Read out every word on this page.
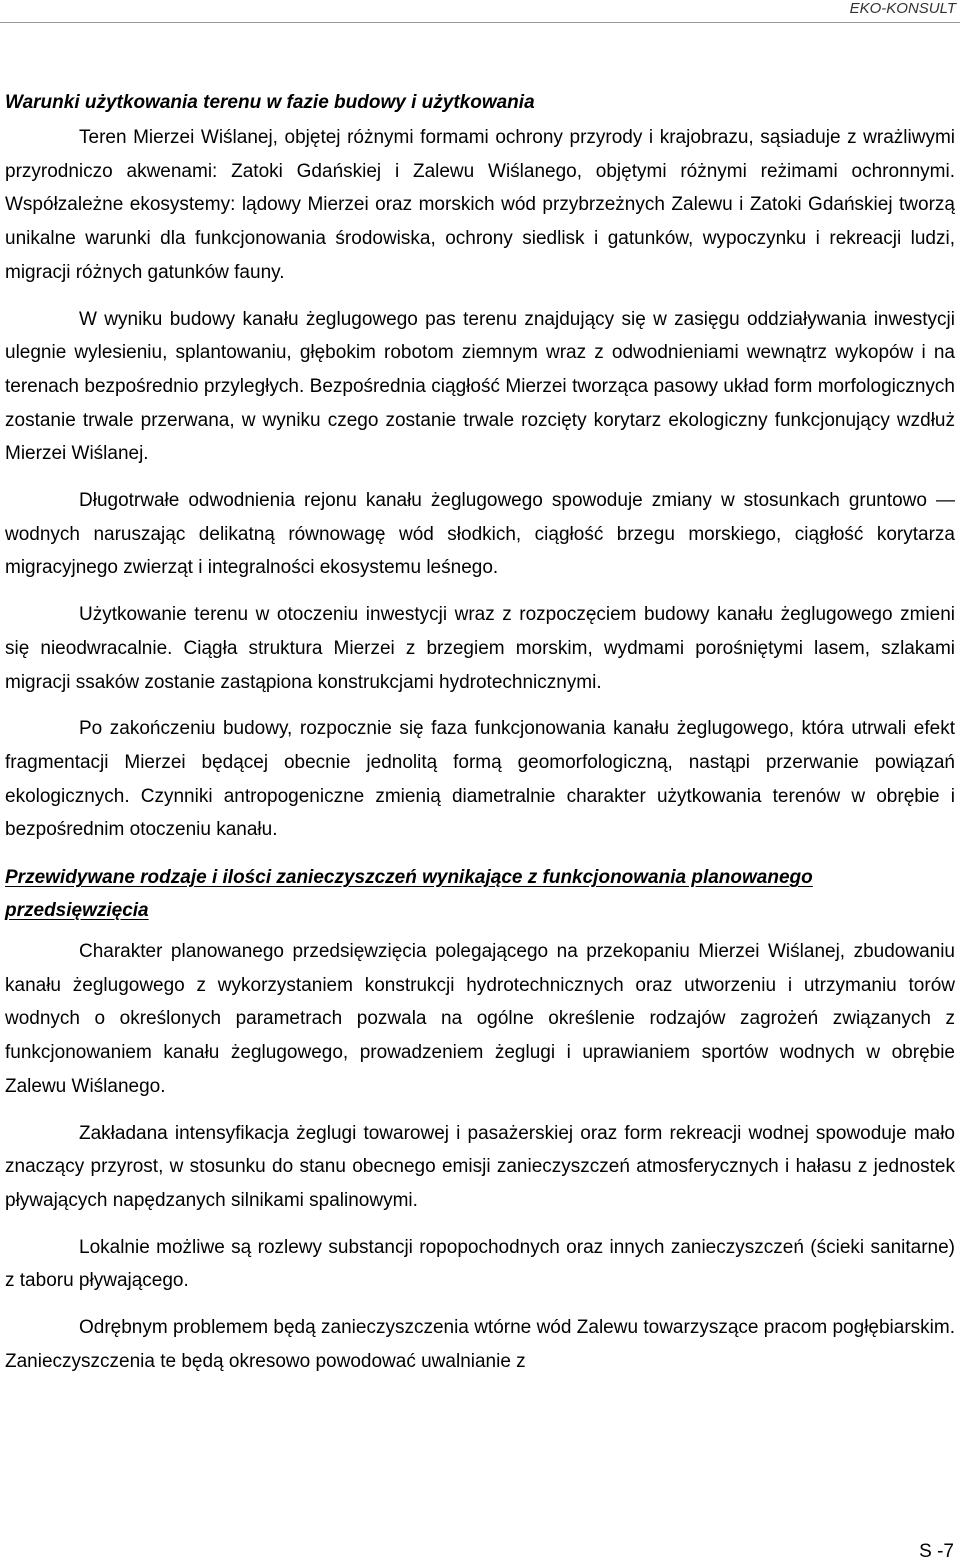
EKO-KONSULT
Warunki użytkowania terenu w fazie budowy i użytkowania

Teren Mierzei Wiślanej, objętej różnymi formami ochrony przyrody i krajobrazu, sąsiaduje z wrażliwymi przyrodniczo akwenami: Zatoki Gdańskiej i Zalewu Wiślanego, objętymi różnymi reżimami ochronnymi. Współzależne ekosystemy: lądowy Mierzei oraz morskich wód przybrzeżnych Zalewu i Zatoki Gdańskiej tworzą unikalne warunki dla funkcjonowania środowiska, ochrony siedlisk i gatunków, wypoczynku i rekreacji ludzi, migracji różnych gatunków fauny.

W wyniku budowy kanału żeglugowego pas terenu znajdujący się w zasięgu oddziaływania inwestycji ulegnie wylesieniu, splantowaniu, głębokim robotom ziemnym wraz z odwodnieniami wewnątrz wykopów i na terenach bezpośrednio przyległych. Bezpośrednia ciągłość Mierzei tworząca pasowy układ form morfologicznych zostanie trwale przerwana, w wyniku czego zostanie trwale rozcięty korytarz ekologiczny funkcjonujący wzdłuż Mierzei Wiślanej.

Długotrwałe odwodnienia rejonu kanału żeglugowego spowoduje zmiany w stosunkach gruntowo — wodnych naruszając delikatną równowagę wód słodkich, ciągłość brzegu morskiego, ciągłość korytarza migracyjnego zwierząt i integralności ekosystemu leśnego.

Użytkowanie terenu w otoczeniu inwestycji wraz z rozpoczęciem budowy kanału żeglugowego zmieni się nieodwracalnie. Ciągła struktura Mierzei z brzegiem morskim, wydmami porośniętymi lasem, szlakami migracji ssaków zostanie zastąpiona konstrukcjami hydrotechnicznymi.

Po zakończeniu budowy, rozpocznie się faza funkcjonowania kanału żeglugowego, która utrwali efekt fragmentacji Mierzei będącej obecnie jednolitą formą geomorfologiczną, nastąpi przerwanie powiązań ekologicznych. Czynniki antropogeniczne zmienią diametralnie charakter użytkowania terenów w obrębie i bezpośrednim otoczeniu kanału.

Przewidywane rodzaje i ilości zanieczyszczeń wynikające z funkcjonowania planowanego przedsięwzięcia

Charakter planowanego przedsięwzięcia polegającego na przekopaniu Mierzei Wiślanej, zbudowaniu kanału żeglugowego z wykorzystaniem konstrukcji hydrotechnicznych oraz utworzeniu i utrzymaniu torów wodnych o określonych parametrach pozwala na ogólne określenie rodzajów zagrożeń związanych z funkcjonowaniem kanału żeglugowego, prowadzeniem żeglugi i uprawianiem sportów wodnych w obrębie Zalewu Wiślanego.

Zakładana intensyfikacja żeglugi towarowej i pasażerskiej oraz form rekreacji wodnej spowoduje mało znaczący przyrost, w stosunku do stanu obecnego emisji zanieczyszczeń atmosferycznych i hałasu z jednostek pływających napędzanych silnikami spalinowymi.

Lokalnie możliwe są rozlewy substancji ropopochodnych oraz innych zanieczyszczeń (ścieki sanitarne) z taboru pływającego.

Odrębnym problemem będą zanieczyszczenia wtórne wód Zalewu towarzyszące pracom pogłębiarskim. Zanieczyszczenia te będą okresowo powodować uwalnianie z

S -7
